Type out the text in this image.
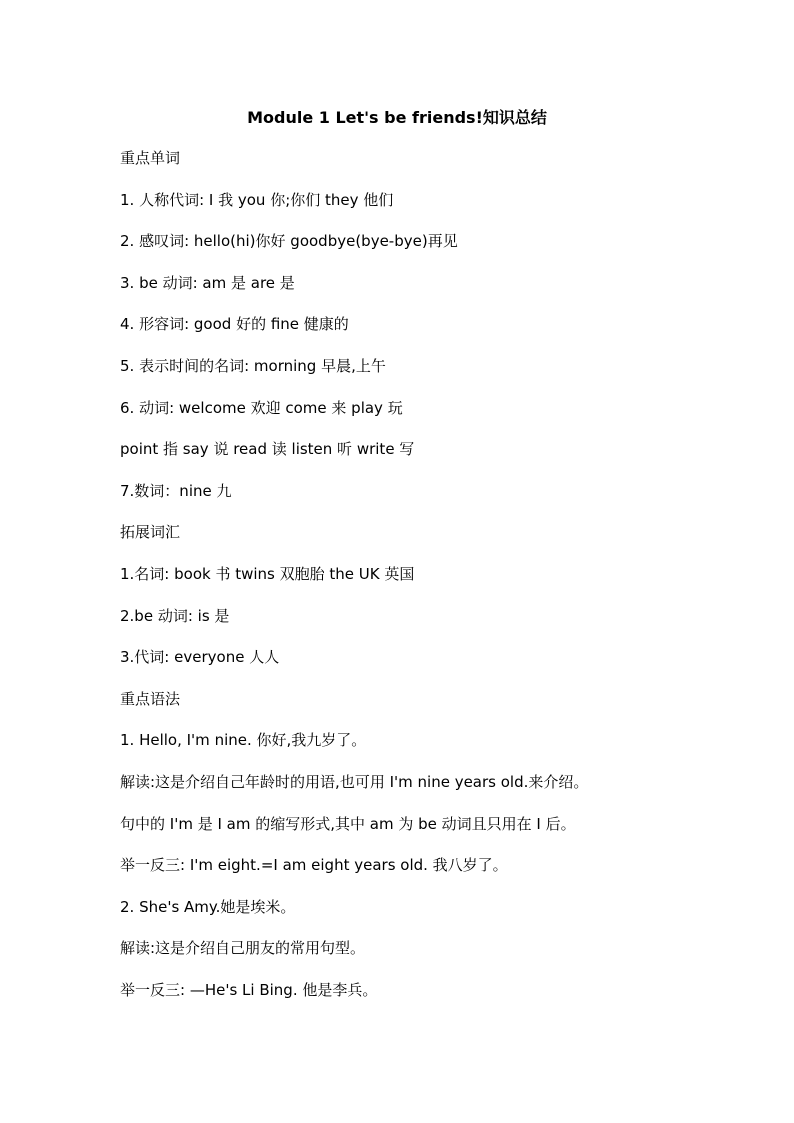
Module 1 Let's be friends!知识总结
重点单词
1. 人称代词: I 我 you 你;你们 they 他们
2. 感叹词: hello(hi)你好 goodbye(bye-bye)再见
3. be 动词: am 是 are 是
4. 形容词: good 好的 fine 健康的
5. 表示时间的名词: morning 早晨,上午
6. 动词: welcome 欢迎 come 来 play 玩
point 指 say 说 read 读 listen 听 write 写
7.数词：nine 九
拓展词汇
1.名词: book 书 twins 双胞胎 the UK 英国
2.be 动词: is 是
3.代词: everyone 人人
重点语法
1. Hello, I'm nine. 你好,我九岁了。
解读:这是介绍自己年龄时的用语,也可用 I'm nine years old.来介绍。
句中的 I'm 是 I am 的缩写形式,其中 am 为 be 动词且只用在 I 后。
举一反三: I'm eight.=I am eight years old. 我八岁了。
2. She's Amy.她是埃米。
解读:这是介绍自己朋友的常用句型。
举一反三: —He's Li Bing. 他是李兵。
